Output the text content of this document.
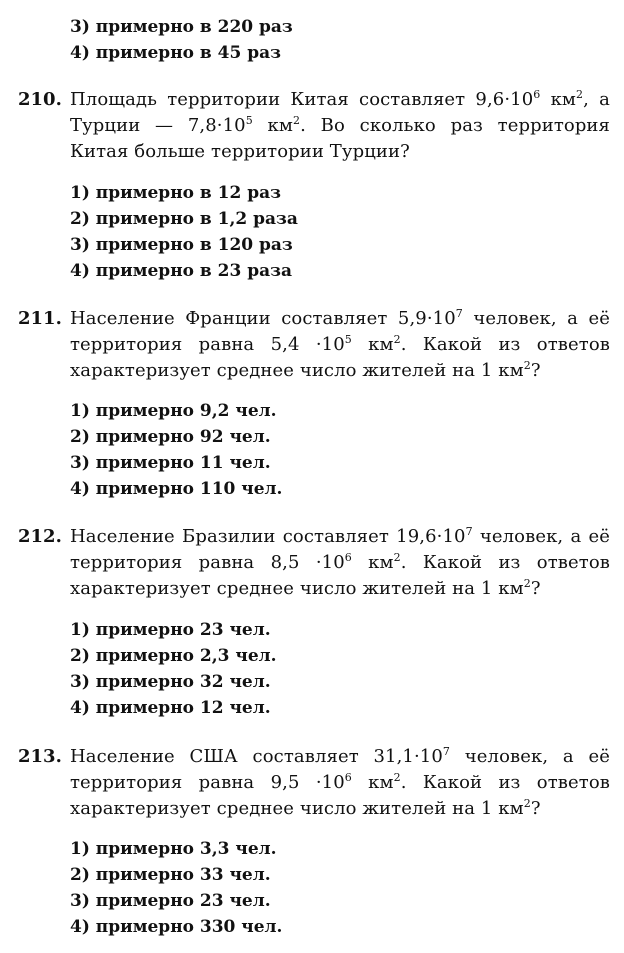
3) примерно в 220 раз
4) примерно в 45 раз
210. Площадь территории Китая составляет $9,6\cdot 10^6$ $км^2$, а Турции — $7,8\cdot 10^5$ $км^2$. Во сколько раз территория Китая больше территории Турции?
1) примерно в 12 раз
2) примерно в 1,2 раза
3) примерно в 120 раз
4) примерно в 23 раза
211. Население Франции составляет $5,9\cdot 10^7$ человек, а её территория равна $5,4 \cdot 10^5$ $км^2$. Какой из ответов характеризует среднее число жителей на 1 $км^2$?
1) примерно 9,2 чел.
2) примерно 92 чел.
3) примерно 11 чел.
4) примерно 110 чел.
212. Население Бразилии составляет $19,6\cdot 10^7$ человек, а её территория равна $8,5 \cdot 10^6$ $км^2$. Какой из ответов характеризует среднее число жителей на 1 $км^2$?
1) примерно 23 чел.
2) примерно 2,3 чел.
3) примерно 32 чел.
4) примерно 12 чел.
213. Население США составляет $31,1\cdot 10^7$ человек, а её территория равна $9,5 \cdot 10^6$ $км^2$. Какой из ответов характеризует среднее число жителей на 1 $км^2$?
1) примерно 3,3 чел.
2) примерно 33 чел.
3) примерно 23 чел.
4) примерно 330 чел.
